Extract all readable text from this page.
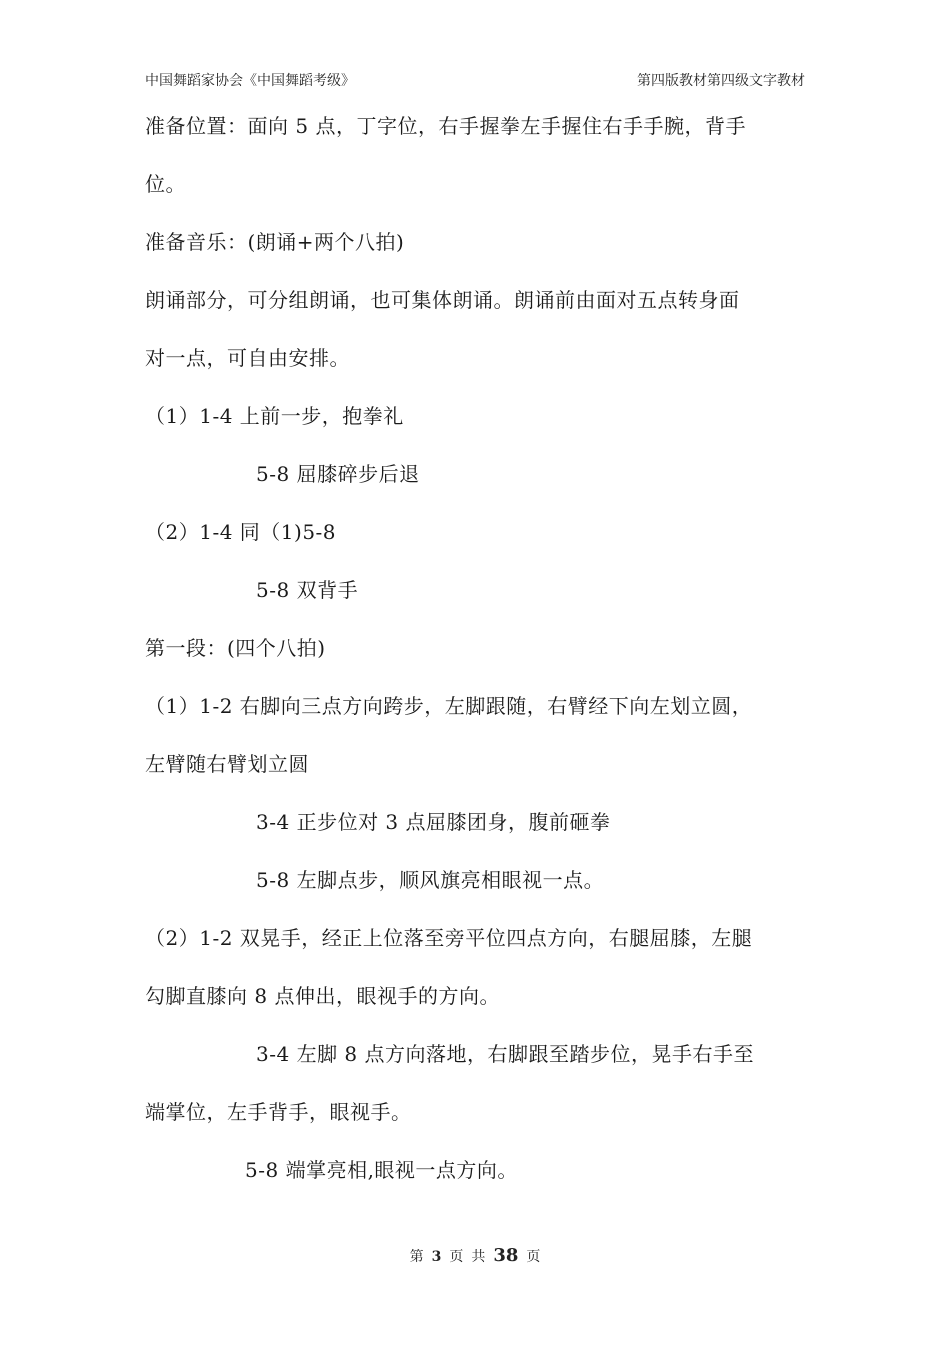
中国舞蹈家协会《中国舞蹈考级》	第四版教材第四级文字教材
准备位置：面向 5 点，丁字位，右手握拳左手握住右手手腕，背手
位。
准备音乐：(朗诵+两个八拍)
朗诵部分，可分组朗诵，也可集体朗诵。朗诵前由面对五点转身面
对一点，可自由安排。
（1）1-4 上前一步，抱拳礼
5-8 屈膝碎步后退
（2）1-4 同（1)5-8
5-8 双背手
第一段：(四个八拍)
（1）1-2 右脚向三点方向跨步，左脚跟随，右臂经下向左划立圆，
左臂随右臂划立圆
3-4 正步位对 3 点屈膝团身，腹前砸拳
5-8 左脚点步，顺风旗亮相眼视一点。
（2）1-2 双晃手，经正上位落至旁平位四点方向，右腿屈膝，左腿
勾脚直膝向 8 点伸出，眼视手的方向。
3-4 左脚 8 点方向落地，右脚跟至踏步位，晃手右手至
端掌位，左手背手，眼视手。
5-8 端掌亮相,眼视一点方向。
第 3 页 共 38 页
